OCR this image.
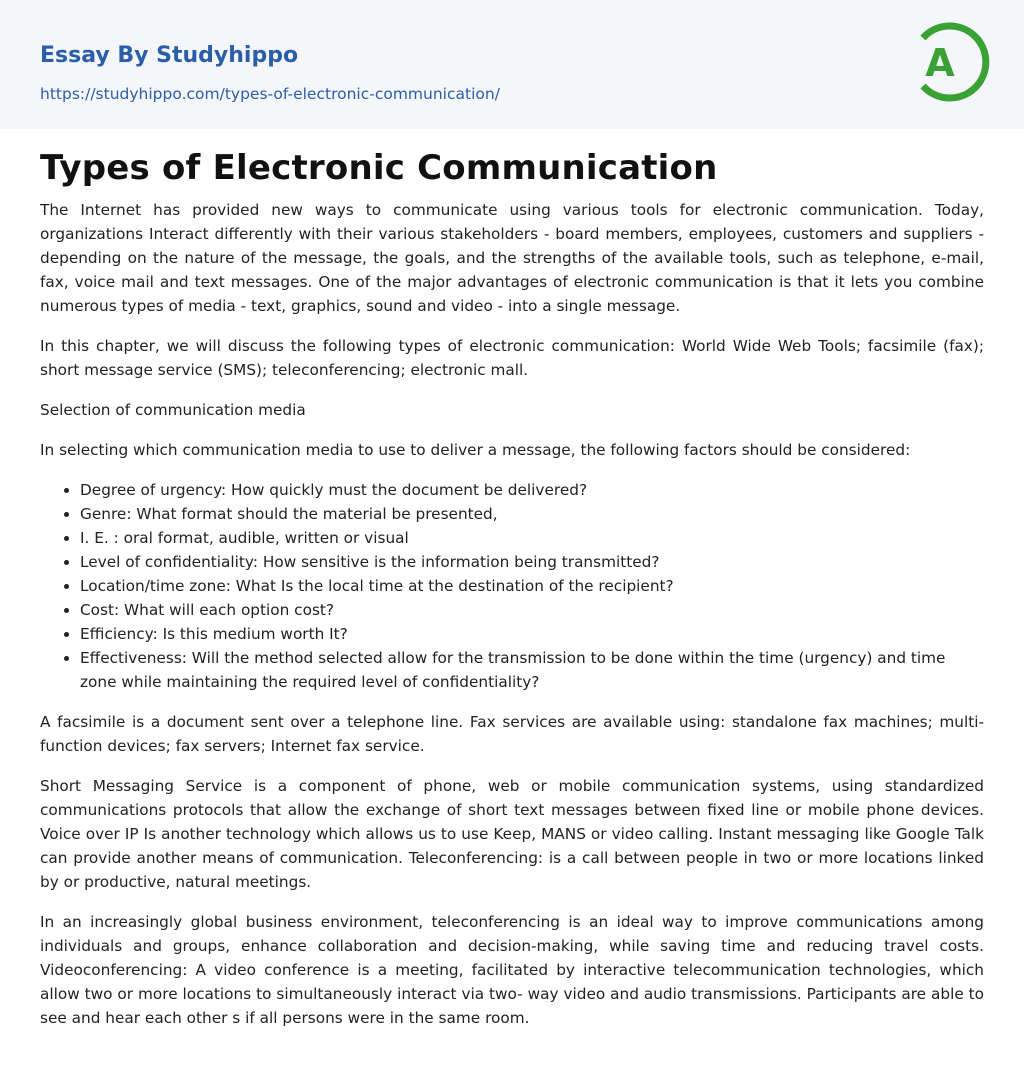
Essay By Studyhippo
https://studyhippo.com/types-of-electronic-communication/
A
Types of Electronic Communication

The Internet has provided new ways to communicate using various tools for electronic communication. Today, organizations Interact differently with their various stakeholders - board members, employees, customers and suppliers - depending on the nature of the message, the goals, and the strengths of the available tools, such as telephone, e-mail, fax, voice mail and text messages. One of the major advantages of electronic communication is that it lets you combine numerous types of media - text, graphics, sound and video - into a single message.

In this chapter, we will discuss the following types of electronic communication: World Wide Web Tools; facsimile (fax); short message service (SMS); teleconferencing; electronic mall.

Selection of communication media

In selecting which communication media to use to deliver a message, the following factors should be considered:

• Degree of urgency: How quickly must the document be delivered?
• Genre: What format should the material be presented,
• I. E. : oral format, audible, written or visual
• Level of confidentiality: How sensitive is the information being transmitted?
• Location/time zone: What Is the local time at the destination of the recipient?
• Cost: What will each option cost?
• Efficiency: Is this medium worth It?
• Effectiveness: Will the method selected allow for the transmission to be done within the time (urgency) and time zone while maintaining the required level of confidentiality?

A facsimile is a document sent over a telephone line. Fax services are available using: standalone fax machines; multi-function devices; fax servers; Internet fax service.

Short Messaging Service is a component of phone, web or mobile communication systems, using standardized communications protocols that allow the exchange of short text messages between fixed line or mobile phone devices. Voice over IP Is another technology which allows us to use Keep, MANS or video calling. Instant messaging like Google Talk can provide another means of communication. Teleconferencing: is a call between people in two or more locations linked by or productive, natural meetings.

In an increasingly global business environment, teleconferencing is an ideal way to improve communications among individuals and groups, enhance collaboration and decision-making, while saving time and reducing travel costs. Videoconferencing: A video conference is a meeting, facilitated by interactive telecommunication technologies, which allow two or more locations to simultaneously interact via two- way video and audio transmissions. Participants are able to see and hear each other s if all persons were in the same room.
